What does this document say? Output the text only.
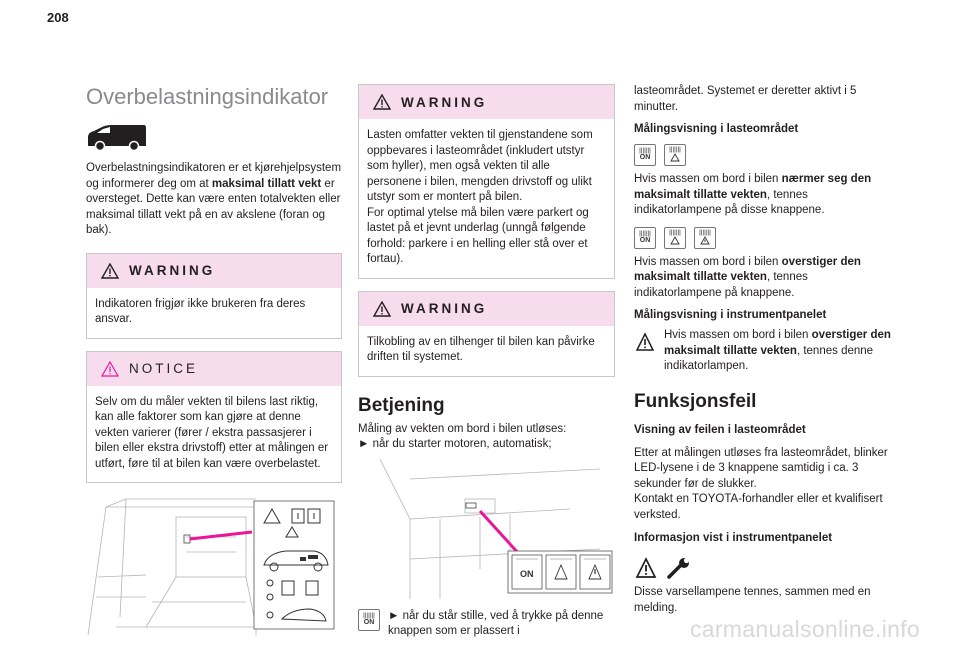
208
Overbelastningsindikator

Overbelastningsindikatoren er et kjørehjelpsystem og informerer deg om at maksimal tillatt vekt er oversteget. Dette kan være enten totalvekten eller maksimal tillatt vekt på en av akslene (foran og bak).

WARNING
Indikatoren frigjør ikke brukeren fra deres ansvar.
NOTICE
Selv om du måler vekten til bilens last riktig, kan alle faktorer som kan gjøre at denne vekten varierer (fører / ekstra passasjerer i bilen eller ekstra drivstoff) etter at målingen er utført, føre til at bilen kan være overbelastet.
WARNING
Lasten omfatter vekten til gjenstandene som oppbevares i lasteområdet (inkludert utstyr som hyller), men også vekten til alle personene i bilen, mengden drivstoff og ulikt utstyr som er montert på bilen.
For optimal ytelse må bilen være parkert og lastet på et jevnt underlag (unngå følgende forhold: parkere i en helling eller stå over et fortau).
WARNING
Tilkobling av en tilhenger til bilen kan påvirke driften til systemet.
Betjening

Måling av vekten om bord i bilen utløses:

► når du starter motoren, automatisk;

ON
|||||||
ON

► når du står stille, ved å trykke på denne knappen som er plassert i

lasteområdet. Systemet er deretter aktivt i 5 minutter.

Målingsvisning i lasteområdet
|||||||
ON
|||||||

Hvis massen om bord i bilen nærmer seg den maksimalt tillatte vekten, tennes indikatorlampene på disse knappene.

|||||||
ON
|||||||	|||||||

Hvis massen om bord i bilen overstiger den maksimalt tillatte vekten, tennes indikatorlampene på knappene.

Målingsvisning i instrumentpanelet

Hvis massen om bord i bilen overstiger den maksimalt tillatte vekten, tennes denne indikatorlampen.

Funksjonsfeil
Visning av feilen i lasteområdet

Etter at målingen utløses fra lasteområdet, blinker LED-lysene i de 3 knappene samtidig i ca. 3 sekunder før de slukker.
Kontakt en TOYOTA-forhandler eller et kvalifisert verksted.

Informasjon vist i instrumentpanelet

Disse varsellampene tennes, sammen med en melding.

carmanualsonline.info
